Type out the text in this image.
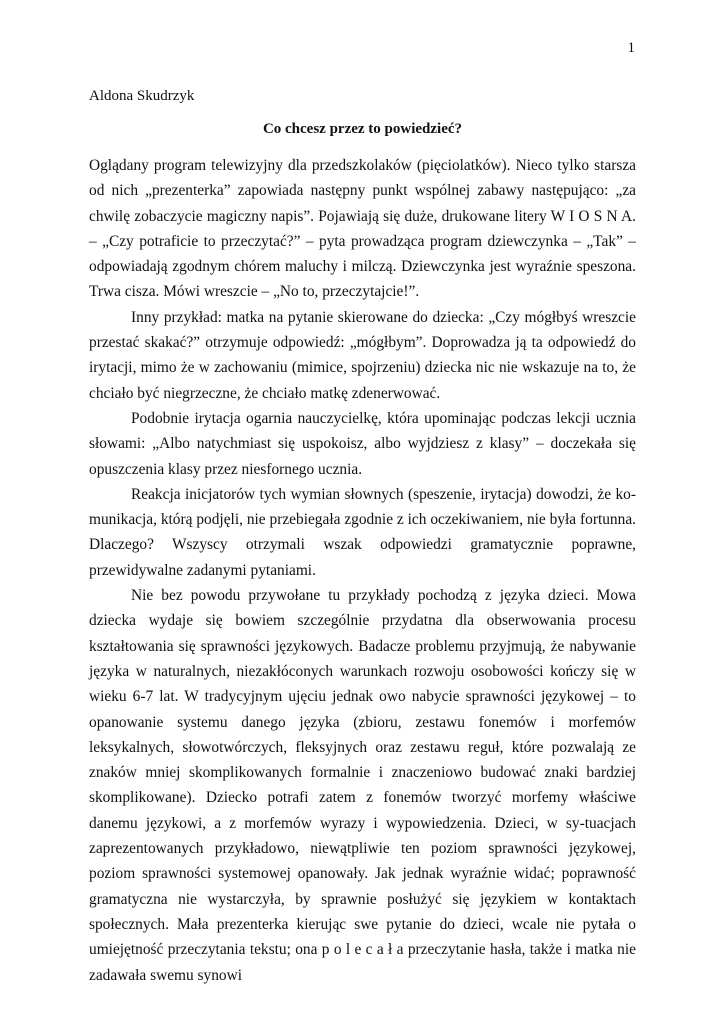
1
Aldona Skudrzyk
Co chcesz przez to powiedzieć?

Oglądany program telewizyjny dla przedszkolaków (pięciolatków). Nieco tylko starsza od nich „prezenterka” zapowiada następny punkt wspólnej zabawy następująco: „za chwilę zobaczycie magiczny napis”. Pojawiają się duże, drukowane litery W I O S N A. – „Czy potraficie to przeczytać?” – pyta prowadząca program dziewczynka – „Tak” – odpowiadają zgodnym chórem maluchy i milczą. Dziewczynka jest wyraźnie speszona. Trwa cisza. Mówi wreszcie – „No to, przeczytajcie!”.

Inny przykład: matka na pytanie skierowane do dziecka: „Czy mógłbyś wreszcie przestać skakać?” otrzymuje odpowiedź: „mógłbym”. Doprowadza ją ta odpowiedź do irytacji, mimo że w zachowaniu (mimice, spojrzeniu) dziecka nic nie wskazuje na to, że chciało być niegrzeczne, że chciało matkę zdenerwować.

Podobnie irytacja ogarnia nauczycielkę, która upominając podczas lekcji ucznia słowami: „Albo natychmiast się uspokoisz, albo wyjdziesz z klasy” – doczekała się opuszczenia klasy przez niesfornego ucznia.

Reakcja inicjatorów tych wymian słownych (speszenie, irytacja) dowodzi, że ko-munikacja, którą podjęli, nie przebiegała zgodnie z ich oczekiwaniem, nie była fortunna. Dlaczego? Wszyscy otrzymali wszak odpowiedzi gramatycznie poprawne, przewidywalne zadanymi pytaniami.

Nie bez powodu przywołane tu przykłady pochodzą z języka dzieci. Mowa dziecka wydaje się bowiem szczególnie przydatna dla obserwowania procesu kształtowania się sprawności językowych. Badacze problemu przyjmują, że nabywanie języka w naturalnych, niezakłóconych warunkach rozwoju osobowości kończy się w wieku 6-7 lat. W tradycyjnym ujęciu jednak owo nabycie sprawności językowej – to opanowanie systemu danego języka (zbioru, zestawu fonemów i morfemów leksykalnych, słowotwórczych, fleksyjnych oraz zestawu reguł, które pozwalają ze znaków mniej skomplikowanych formalnie i znaczeniowo budować znaki bardziej skomplikowane). Dziecko potrafi zatem z fonemów tworzyć morfemy właściwe danemu językowi, a z morfemów wyrazy i wypowiedzenia. Dzieci, w sy-tuacjach zaprezentowanych przykładowo, niewątpliwie ten poziom sprawności językowej, poziom sprawności systemowej opanowały. Jak jednak wyraźnie widać; poprawność gramatyczna nie wystarczyła, by sprawnie posłużyć się językiem w kontaktach społecznych. Mała prezenterka kierując swe pytanie do dzieci, wcale nie pytała o umiejętność przeczytania tekstu; ona p o l e c a ł a przeczytanie hasła, także i matka nie zadawała swemu synowi
